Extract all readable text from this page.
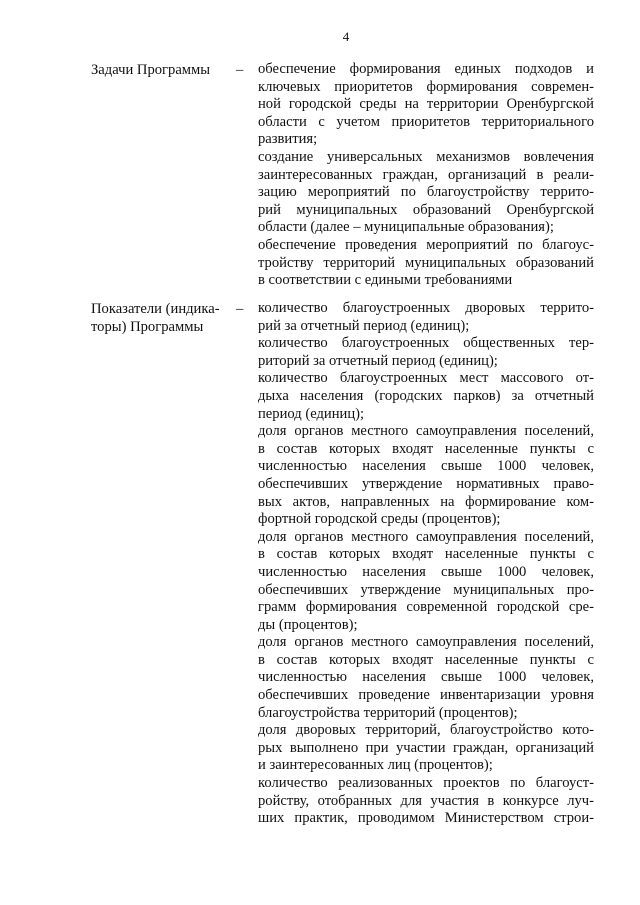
4
Задачи Программы	– обеспечение формирования единых подходов и
ключевых приоритетов формирования современ-
ной городской среды на территории Оренбургской
области с учетом приоритетов территориального
развития;
создание универсальных механизмов вовлечения
заинтересованных граждан, организаций в реали-
зацию мероприятий по благоустройству террито-
рий муниципальных образований Оренбургской
области (далее – муниципальные образования);
обеспечение проведения мероприятий по благоус-
тройству территорий муниципальных образований
в соответствии с едиными требованиями
Показатели (индика-
торы) Программы
– количество благоустроенных дворовых террито-
рий за отчетный период (единиц);
количество благоустроенных общественных тер-
риторий за отчетный период (единиц);
количество благоустроенных мест массового от-
дыха населения (городских парков) за отчетный
период (единиц);
доля органов местного самоуправления поселений,
в состав которых входят населенные пункты с
численностью населения свыше 1000 человек,
обеспечивших утверждение нормативных право-
вых актов, направленных на формирование ком-
фортной городской среды (процентов);
доля органов местного самоуправления поселений,
в состав которых входят населенные пункты с
численностью населения свыше 1000 человек,
обеспечивших утверждение муниципальных про-
грамм формирования современной городской сре-
ды (процентов);
доля органов местного самоуправления поселений,
в состав которых входят населенные пункты с
численностью населения свыше 1000 человек,
обеспечивших проведение инвентаризации уровня
благоустройства территорий (процентов);
доля дворовых территорий, благоустройство кото-
рых выполнено при участии граждан, организаций
и заинтересованных лиц (процентов);
количество реализованных проектов по благоуст-
ройству, отобранных для участия в конкурсе луч-
ших практик, проводимом Министерством строи-
